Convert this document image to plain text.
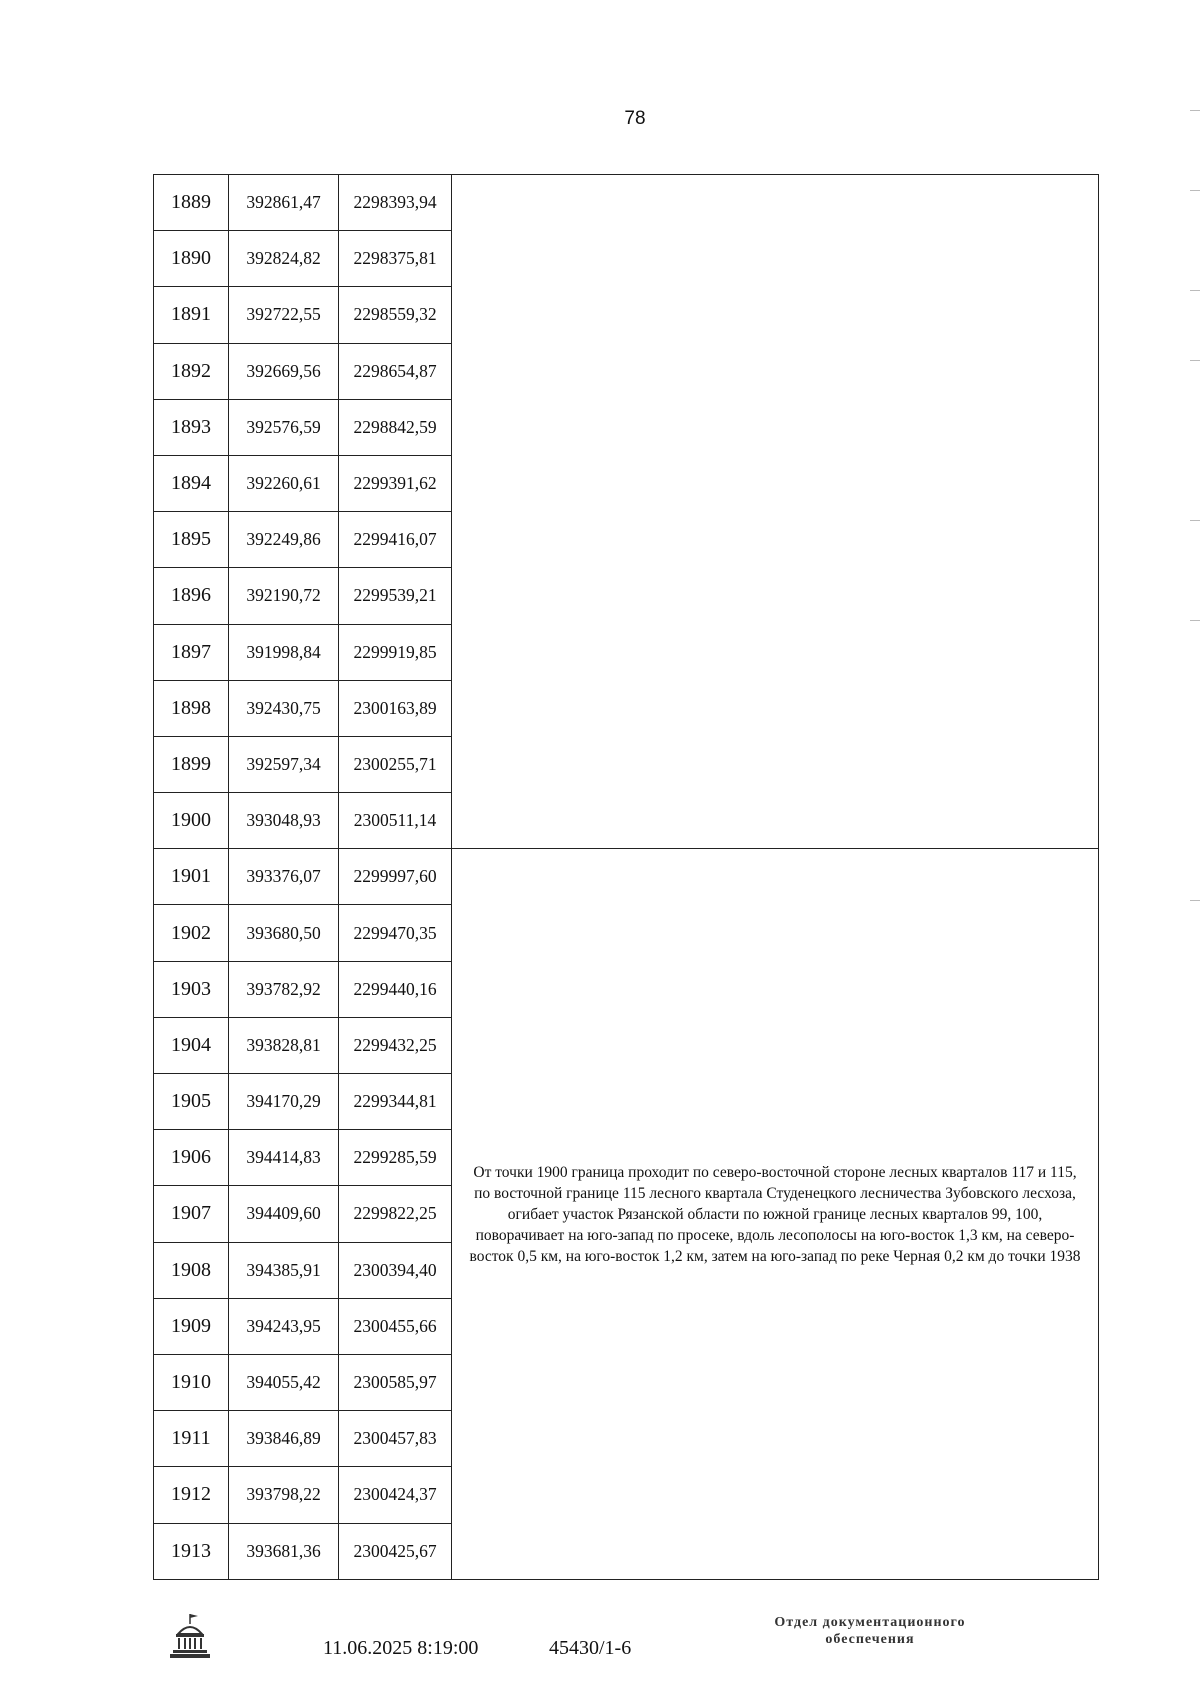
78
1889	392861,47	2298393,94	
1890	392824,82	2298375,81	
1891	392722,55	2298559,32	
1892	392669,56	2298654,87	
1893	392576,59	2298842,59	
1894	392260,61	2299391,62	
1895	392249,86	2299416,07	
1896	392190,72	2299539,21	
1897	391998,84	2299919,85	
1898	392430,75	2300163,89	
1899	392597,34	2300255,71	
1900	393048,93	2300511,14	
1901	393376,07	2299997,60	От точки 1900 граница проходит по северо-восточной стороне лесных кварталов 117 и 115, по восточной границе 115 лесного квартала Студенецкого лесничества Зубовского лесхоза, огибает участок Рязанской области по южной границе лесных кварталов 99, 100, поворачивает на юго-запад по просеке, вдоль лесополосы на юго-восток 1,3 км, на северо-восток 0,5 км, на юго-восток 1,2 км, затем на юго-запад по реке Черная 0,2 км до точки 1938
1902	393680,50	2299470,35	
1903	393782,92	2299440,16	
1904	393828,81	2299432,25	
1905	394170,29	2299344,81	
1906	394414,83	2299285,59	
1907	394409,60	2299822,25	
1908	394385,91	2300394,40	
1909	394243,95	2300455,66	
1910	394055,42	2300585,97	
1911	393846,89	2300457,83	
1912	393798,22	2300424,37	
1913	393681,36	2300425,67	
11.06.2025 8:19:00	45430/1-6
Отдел документационного
обеспечения
